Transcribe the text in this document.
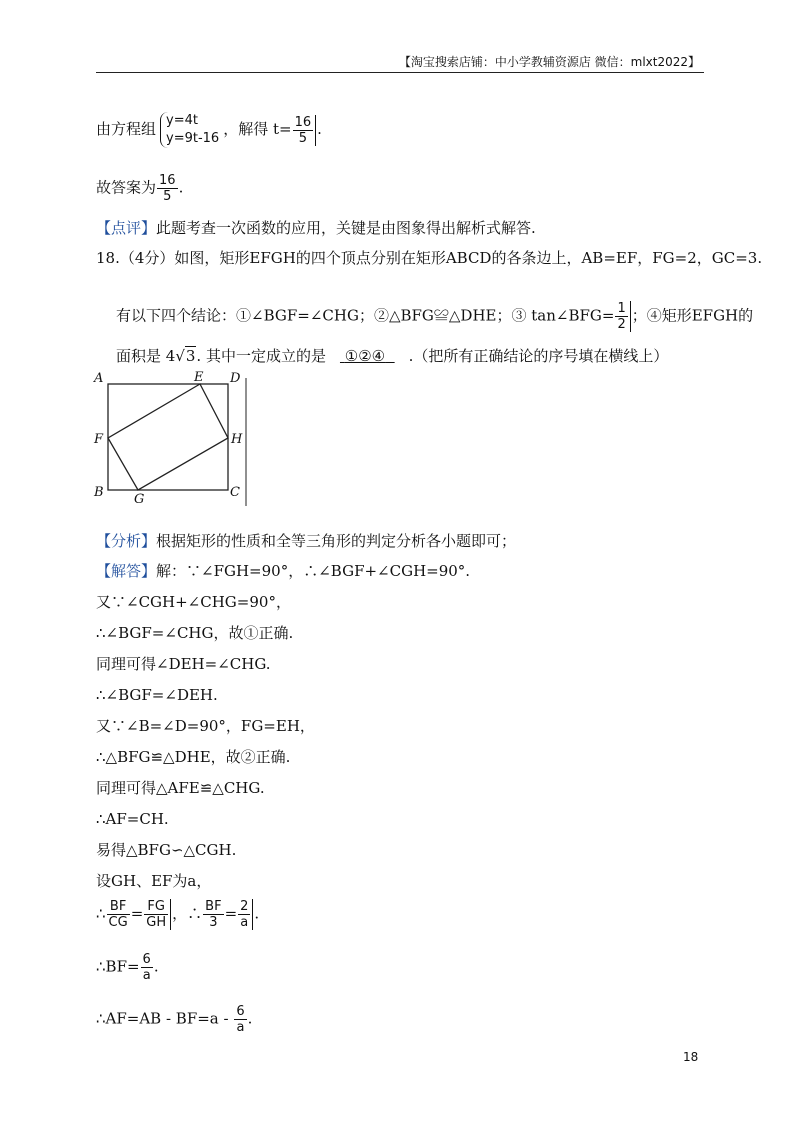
【淘宝搜索店铺：中小学教辅资源店 微信：mlxt2022】
由方程组 y=4t
y=9t-16
，解得 $t= \frac{16}{5}$ .
故答案为 $\frac{16}{5}$ .
【点评】此题考查一次函数的应用，关键是由图象得出解析式解答.
18.（4分）如图，矩形EFGH的四个顶点分别在矩形ABCD的各条边上，AB=EF，FG=2，GC=3.
有以下四个结论：①∠BGF=∠CHG；②△BFG≌△DHE；③ tan∠BFG= $\frac{1}{2}$ ；④矩形EFGH的
面积是 4√3. 其中一定成立的是 ①②④ .（把所有正确结论的序号填在横线上）
A	E D
F	H
B G	C
【分析】根据矩形的性质和全等三角形的判定分析各小题即可；
【解答】解：∵∠FGH=90°，∴∠BGF+∠CGH=90°.
又∵∠CGH+∠CHG=90°，
∴∠BGF=∠CHG，故①正确.
同理可得∠DEH=∠CHG.
∴∠BGF=∠DEH.
又∵∠B=∠D=90°，FG=EH，
∴△BFG≌△DHE，故②正确.
同理可得△AFE≌△CHG.
∴AF=CH.
易得△BFG∽△CGH.
设GH、EF为a，
∴ $\frac{BF}{CG} = \frac{FG}{GH}$ ，∴ $\frac{BF}{3} = \frac{2}{a}$ .
∴BF= $\frac{6}{a}$ .
∴AF=AB - $BF=a - \frac{6}{a}$ .
18
